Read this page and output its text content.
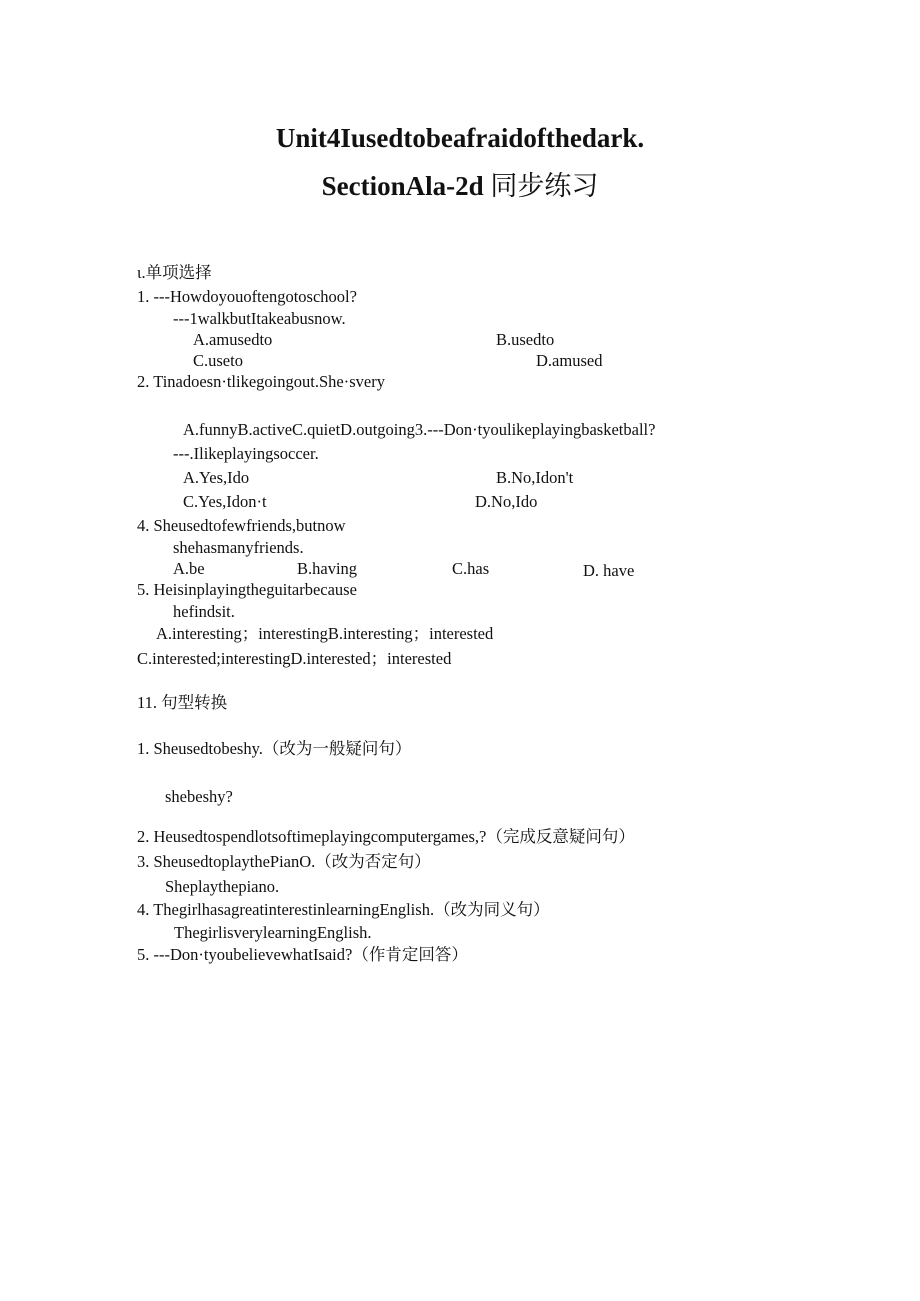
Unit4Iusedtobeafraidofthedark.
SectionAla-2d 同步练习
ι.单项选择
1. ---Howdoyouoftengotoschool?
---1walkbutItakeabusnow.
A.amusedto	B.usedto
C.useto	D.amused
2. Tinadoesn·tlikegoingout.She·svery
A.funnyB.activeC.quietD.outgoing3.---Don·tyoulikeplayingbasketball?
---.Ilikeplayingsoccer.
A.Yes,Ido	B.No,Idon't
C.Yes,Idon·t	D.No,Ido
4. Sheusedtofewfriends,butnow
shehasmanyfriends.
A.be	B.having	C.has	D. have
5. Heisinplayingtheguitarbecause
hefindsit.
A.interesting；interestingB.interesting；interested
C.interested;interestingD.interested；interested
11. 句型转换
1. Sheusedtobeshy.（改为一般疑问句）
shebeshy?
2. Heusedtospendlotsoftimeplayingcomputergames,?（完成反意疑问句）
3. SheusedtoplaythePianO.（改为否定句）
Sheplaythepiano.
4. ThegirlhasagreatinterestinlearningEnglish.（改为同义句）
ThegirlisverylearningEnglish.
5. ---Don·tyoubelievewhatIsaid?（作肯定回答）
